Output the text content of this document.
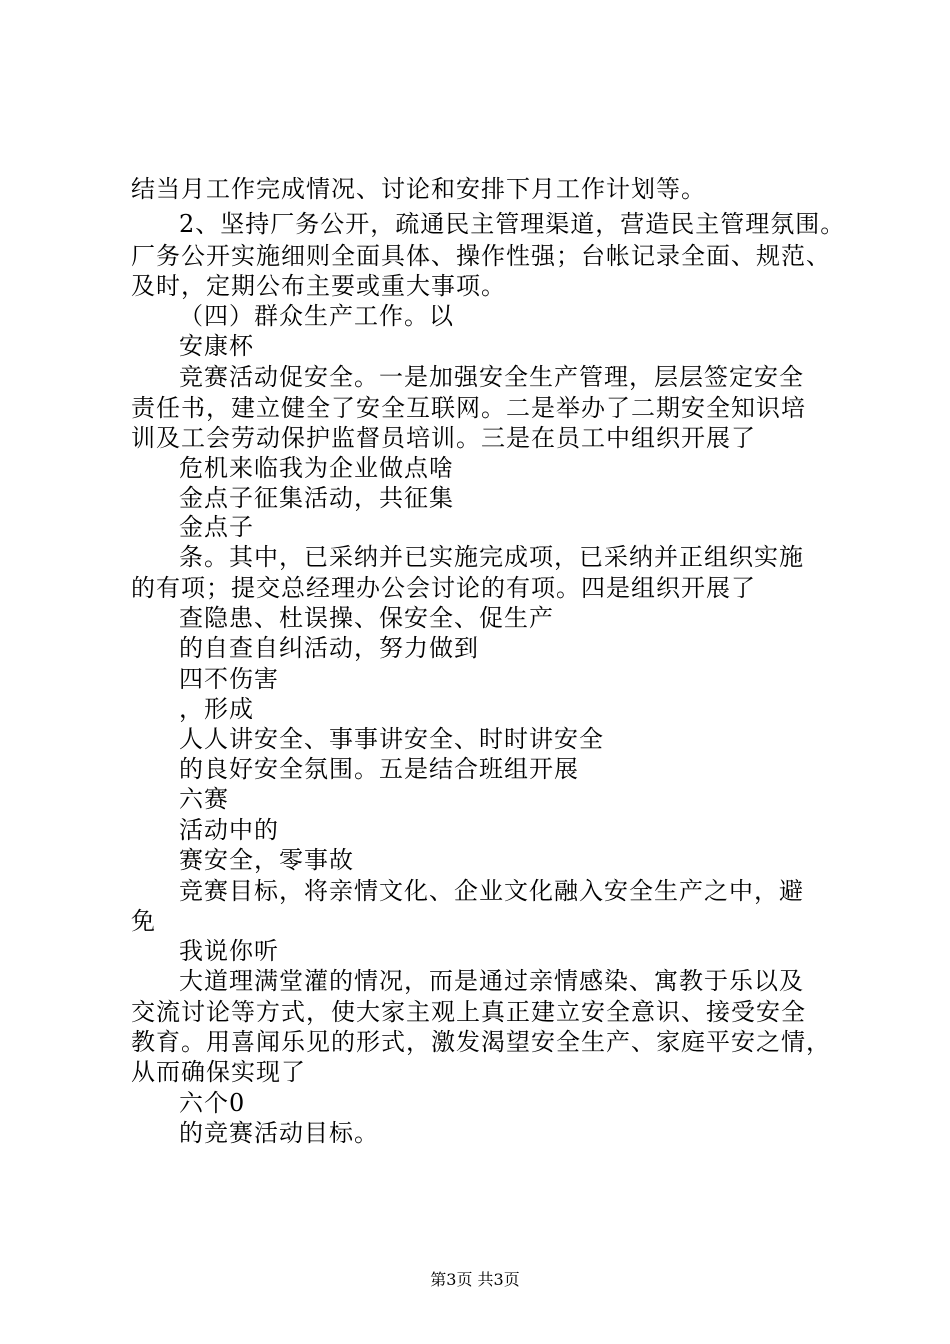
结当月工作完成情况、讨论和安排下月工作计划等。
2、坚持厂务公开，疏通民主管理渠道，营造民主管理氛围。
厂务公开实施细则全面具体、操作性强；台帐记录全面、规范、
及时，定期公布主要或重大事项。
（四）群众生产工作。以
安康杯
竞赛活动促安全。一是加强安全生产管理，层层签定安全
责任书，建立健全了安全互联网。二是举办了二期安全知识培
训及工会劳动保护监督员培训。三是在员工中组织开展了
危机来临我为企业做点啥
金点子征集活动，共征集
金点子
条。其中，已采纳并已实施完成项，已采纳并正组织实施
的有项；提交总经理办公会讨论的有项。四是组织开展了
查隐患、杜误操、保安全、促生产
的自查自纠活动，努力做到
四不伤害
，形成
人人讲安全、事事讲安全、时时讲安全
的良好安全氛围。五是结合班组开展
六赛
活动中的
赛安全，零事故
竞赛目标，将亲情文化、企业文化融入安全生产之中，避
免
我说你听
大道理满堂灌的情况，而是通过亲情感染、寓教于乐以及
交流讨论等方式，使大家主观上真正建立安全意识、接受安全
教育。用喜闻乐见的形式，激发渴望安全生产、家庭平安之情，
从而确保实现了
六个0
的竞赛活动目标。
第3页 共3页
